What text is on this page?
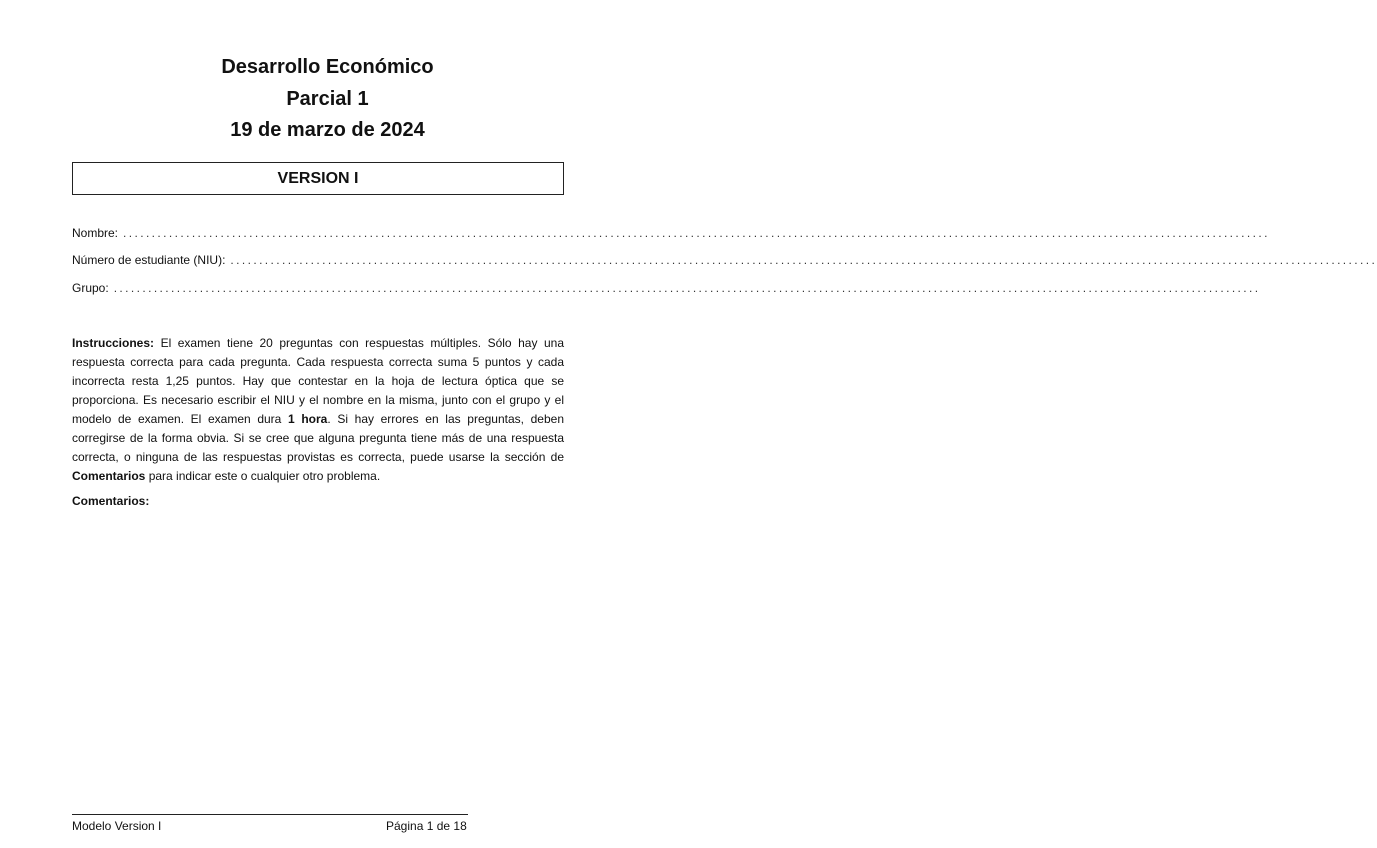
Desarrollo Económico
Parcial 1
19 de marzo de 2024
VERSION I
Nombre: ........................................................................................................................................................................................................
Número de estudiante (NIU): ........................................................................................................................................................................................................
Grupo: ........................................................................................................................................................................................................

Instrucciones: El examen tiene 20 preguntas con respuestas múltiples. Sólo hay una respuesta correcta para cada pregunta. Cada respuesta correcta suma 5 puntos y cada incorrecta resta 1,25 puntos. Hay que contestar en la hoja de lectura óptica que se proporciona. Es necesario escribir el NIU y el nombre en la misma, junto con el grupo y el modelo de examen. El examen dura 1 hora. Si hay errores en las preguntas, deben corregirse de la forma obvia. Si se cree que alguna pregunta tiene más de una respuesta correcta, o ninguna de las respuestas provistas es correcta, puede usarse la sección de Comentarios para indicar este o cualquier otro problema.

Comentarios:

Modelo Version I	Página 1 de 18
